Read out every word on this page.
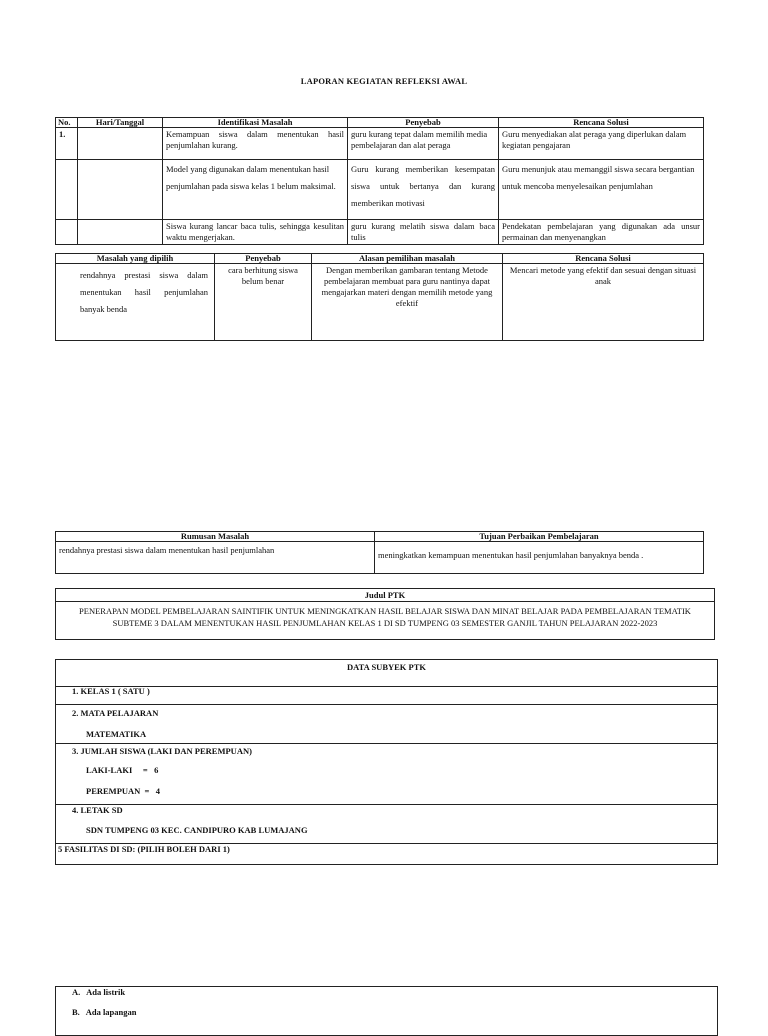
LAPORAN KEGIATAN REFLEKSI AWAL
No.	Hari/Tanggal	Identifikasi Masalah	Penyebab	Rencana Solusi
1.		Kemampuan siswa dalam menentukan hasil penjumlahan kurang.	guru kurang tepat dalam memilih media pembelajaran dan alat peraga	Guru menyediakan alat peraga yang diperlukan dalam kegiatan pengajaran
		Model yang digunakan dalam menentukan hasil penjumlahan pada siswa kelas 1 belum maksimal.	Guru kurang memberikan kesempatan siswa untuk bertanya dan kurang memberikan motivasi	Guru menunjuk atau memanggil siswa secara bergantian untuk mencoba menyelesaikan penjumlahan
		Siswa kurang lancar baca tulis, sehingga kesulitan waktu mengerjakan.	guru kurang melatih siswa dalam baca tulis	Pendekatan pembelajaran yang digunakan ada unsur permainan dan menyenangkan
Masalah yang dipilih	Penyebab	Alasan pemilihan masalah	Rencana Solusi
rendahnya prestasi siswa dalam menentukan hasil penjumlahan banyak benda	cara berhitung siswa belum benar	Dengan memberikan gambaran tentang Metode pembelajaran membuat para guru nantinya dapat mengajarkan materi dengan memilih metode yang efektif	Mencari metode yang efektif dan sesuai dengan situasi anak
Rumusan Masalah	Tujuan Perbaikan Pembelajaran
rendahnya prestasi siswa dalam menentukan hasil penjumlahan	meningkatkan kemampuan menentukan hasil penjumlahan banyaknya benda .
Judul PTK
PENERAPAN MODEL PEMBELAJARAN SAINTIFIK UNTUK MENINGKATKAN HASIL BELAJAR SISWA DAN MINAT BELAJAR PADA PEMBELAJARAN TEMATIK SUBTEME 3 DALAM MENENTUKAN HASIL PENJUMLAHAN KELAS 1 DI SD TUMPENG 03 SEMESTER GANJIL TAHUN PELAJARAN 2022-2023
DATA SUBYEK PTK
1. KELAS 1 ( SATU )
2. MATA PELAJARAN
MATEMATIKA
3. JUMLAH SISWA (LAKI DAN PEREMPUAN)
LAKI-LAKI     =   6
PEREMPUAN  =   4
4. LETAK SD
SDN TUMPENG 03 KEC. CANDIPURO KAB LUMAJANG
5 FASILITAS DI SD: (PILIH BOLEH DARI 1)
A.   Ada listrik
B.   Ada lapangan
